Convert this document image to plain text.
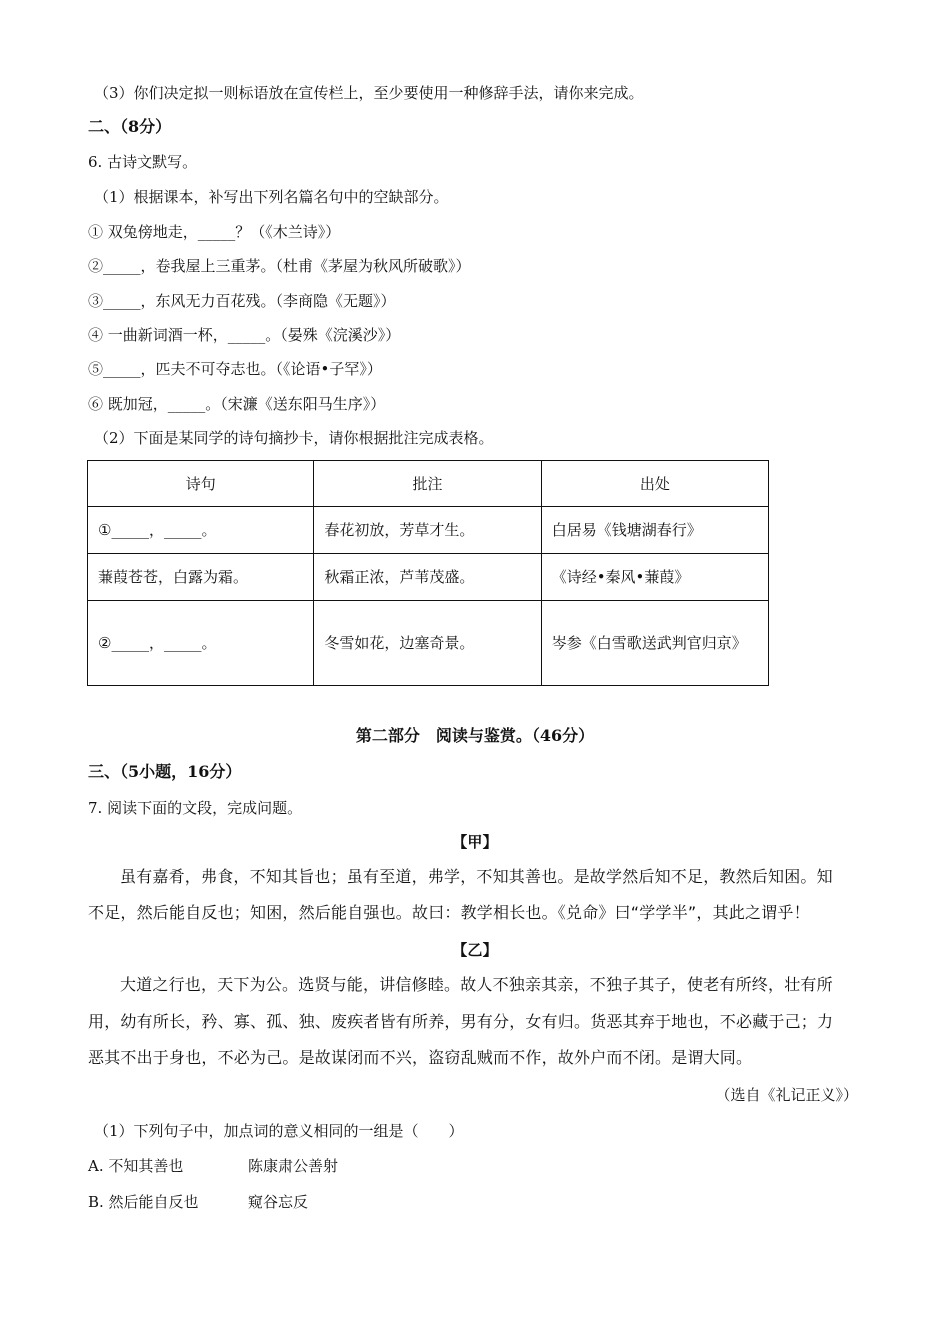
（3）你们决定拟一则标语放在宣传栏上，至少要使用一种修辞手法，请你来完成。
二、（8分）
6. 古诗文默写。
（1）根据课本，补写出下列名篇名句中的空缺部分。
① 双兔傍地走，_____？（《木兰诗》）
②_____，卷我屋上三重茅。（杜甫《茅屋为秋风所破歌》）
③_____，东风无力百花残。（李商隐《无题》）
④ 一曲新词酒一杯，_____。（晏殊《浣溪沙》）
⑤_____，匹夫不可夺志也。（《论语•子罕》）
⑥ 既加冠，_____。（宋濂《送东阳马生序》）
（2）下面是某同学的诗句摘抄卡，请你根据批注完成表格。
诗句	批注	出处
①_____，_____。	春花初放，芳草才生。	白居易《钱塘湖春行》
蒹葭苍苍，白露为霜。	秋霜正浓，芦苇茂盛。	《诗经•秦风•蒹葭》
②_____，_____。	冬雪如花，边塞奇景。	岑参《白雪歌送武判官归京》
第二部分　阅读与鉴赏。（46分）
三、（5小题，16分）
7. 阅读下面的文段，完成问题。
【甲】
虽有嘉肴，弗食，不知其旨也；虽有至道，弗学，不知其善也。是故学然后知不足，教然后知困。知
不足，然后能自反也；知困，然后能自强也。故曰：教学相长也。《兑命》曰“学学半”，其此之谓乎！
【乙】
大道之行也，天下为公。选贤与能，讲信修睦。故人不独亲其亲，不独子其子，使老有所终，壮有所
用，幼有所长，矜、寡、孤、独、废疾者皆有所养，男有分，女有归。货恶其弃于地也，不必藏于己；力
恶其不出于身也，不必为己。是故谋闭而不兴，盗窃乱贼而不作，故外户而不闭。是谓大同。
（选自《礼记正义》）
（1）下列句子中，加点词的意义相同的一组是（　　）
A. 不知其善也	陈康肃公善射
B. 然后能自反也	窥谷忘反
